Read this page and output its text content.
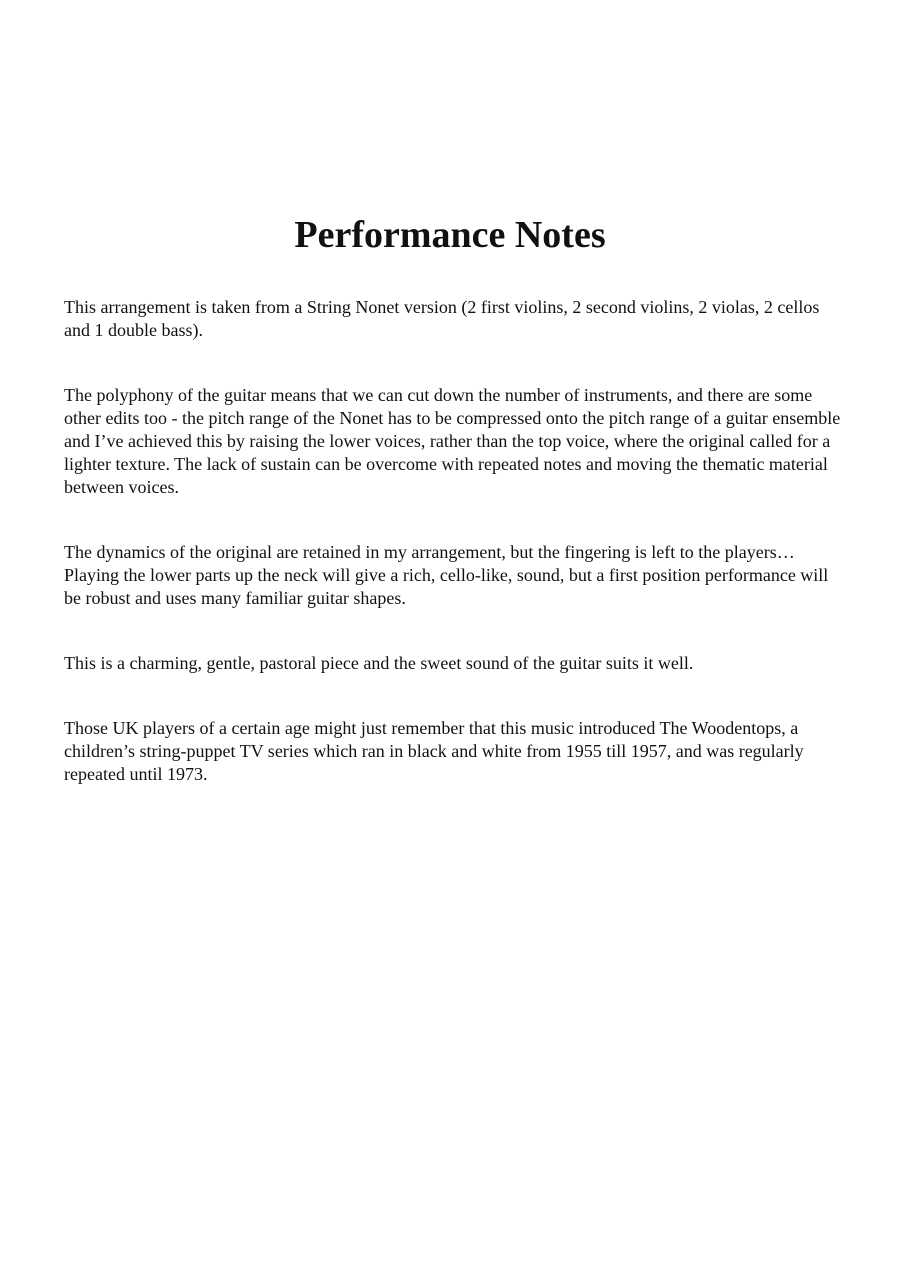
Performance Notes

This arrangement is taken from a String Nonet version (2 first violins, 2 second violins, 2 violas, 2 cellos and 1 double bass).

The polyphony of the guitar means that we can cut down the number of instruments, and there are some other edits too - the pitch range of the Nonet has to be compressed onto the pitch range of a guitar ensemble and I’ve achieved this by raising the lower voices, rather than the top voice, where the original called for a lighter texture. The lack of sustain can be overcome with repeated notes and moving the thematic material between voices.

The dynamics of the original are retained in my arrangement, but the fingering is left to the players… Playing the lower parts up the neck will give a rich, cello-like, sound, but a first position performance will be robust and uses many familiar guitar shapes.

This is a charming, gentle, pastoral piece and the sweet sound of the guitar suits it well.

Those UK players of a certain age might just remember that this music introduced The Woodentops, a children’s string-puppet TV series which ran in black and white from 1955 till 1957, and was regularly repeated until 1973.
